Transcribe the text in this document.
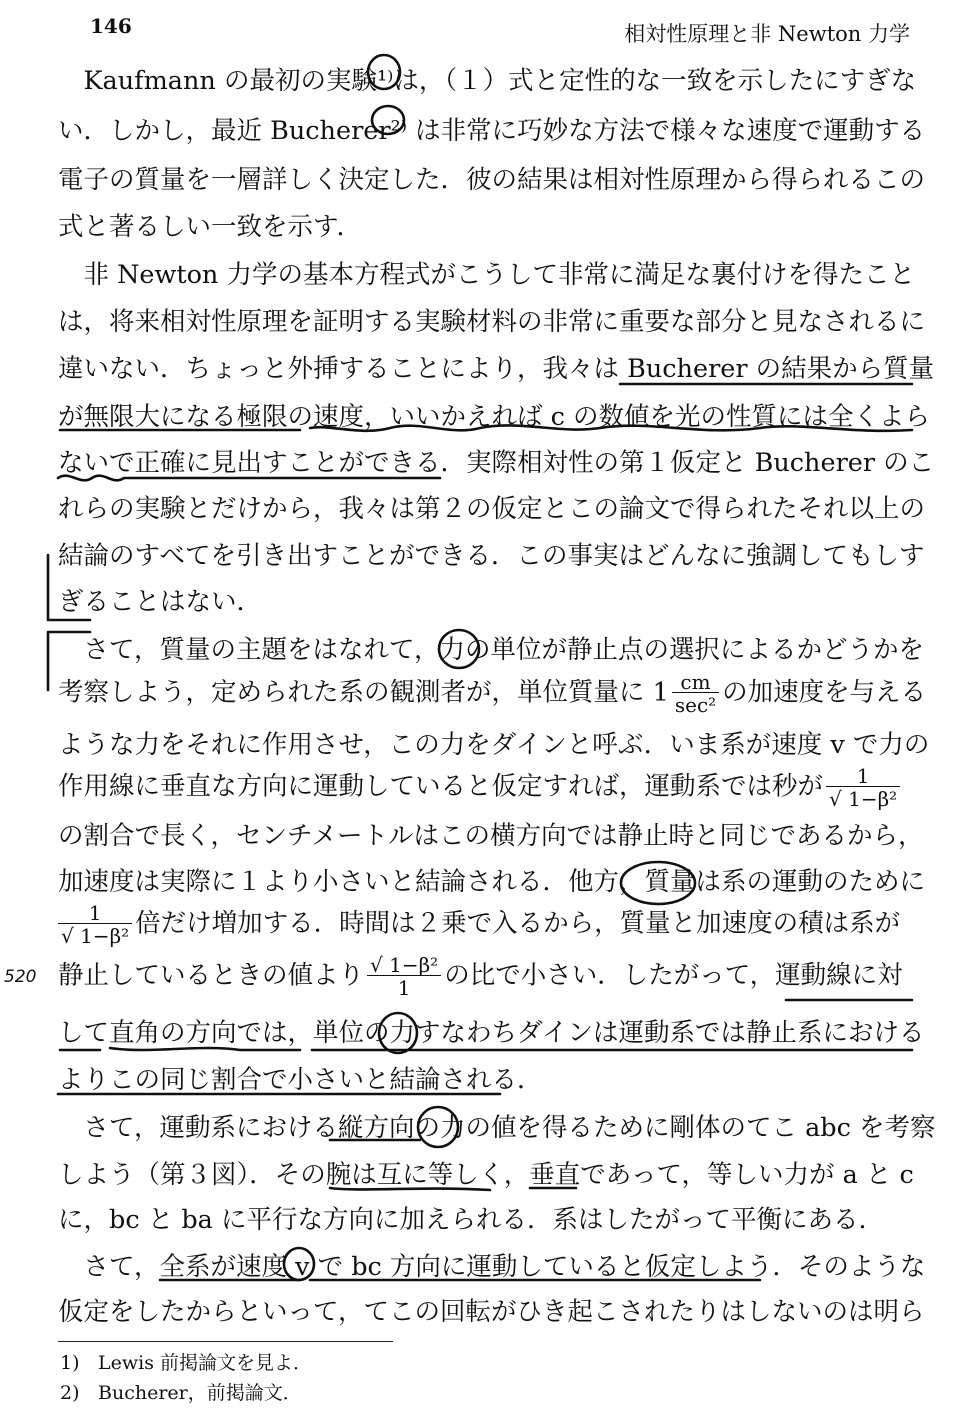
146	相対性原理と非 Newton 力学
　Kaufmann の最初の実験¹⁾は，（１）式と定性的な一致を示したにすぎな
い．しかし，最近 Bucherer²⁾ は非常に巧妙な方法で様々な速度で運動する
電子の質量を一層詳しく決定した．彼の結果は相対性原理から得られるこの
式と著るしい一致を示す．
　非 Newton 力学の基本方程式がこうして非常に満足な裏付けを得たこと
は，将来相対性原理を証明する実験材料の非常に重要な部分と見なされるに
違いない．ちょっと外挿することにより，我々は Bucherer の結果から質量
が無限大になる極限の速度，いいかえれば c の数値を光の性質には全くよら
ないで正確に見出すことができる．実際相対性の第１仮定と Bucherer のこ
れらの実験とだけから，我々は第２の仮定とこの論文で得られたそれ以上の
結論のすべてを引き出すことができる．この事実はどんなに強調してもしす
ぎることはない．
　さて，質量の主題をはなれて，力の単位が静止点の選択によるかどうかを
考察しよう，定められた系の観測者が，単位質量に $1 \frac{cm}{\text{sec²}}$ の加速度を与える
ような力をそれに作用させ，この力をダインと呼ぶ．いま系が速度 v で力の
作用線に垂直な方向に運動していると仮定すれば，運動系では秒が $\frac{1}{\text{√ 1−β²}}$
の割合で長く，センチメートルはこの横方向では静止時と同じであるから，
加速度は実際に１より小さいと結論される．他方，質量は系の運動のために
$\frac{1}{\text{√ 1−β²}}$ 倍だけ増加する．時間は２乗で入るから，質量と加速度の積は系が
静止しているときの値より $\frac{\text{√ 1−β²}}{1}$ の比で小さい．したがって，運動線に対
して直角の方向では，単位の力すなわちダインは運動系では静止系における
よりこの同じ割合で小さいと結論される．
　さて，運動系における縦方向の力の値を得るために剛体のてこ abc を考察
しよう（第３図）．その腕は互に等しく，垂直であって，等しい力が a と c
に，bc と ba に平行な方向に加えられる．系はしたがって平衡にある．
　さて，全系が速度 v で bc 方向に運動していると仮定しよう．そのような
仮定をしたからといって，てこの回転がひき起こされたりはしないのは明ら
520
1) Lewis 前掲論文を見よ．
2) Bucherer，前掲論文．
